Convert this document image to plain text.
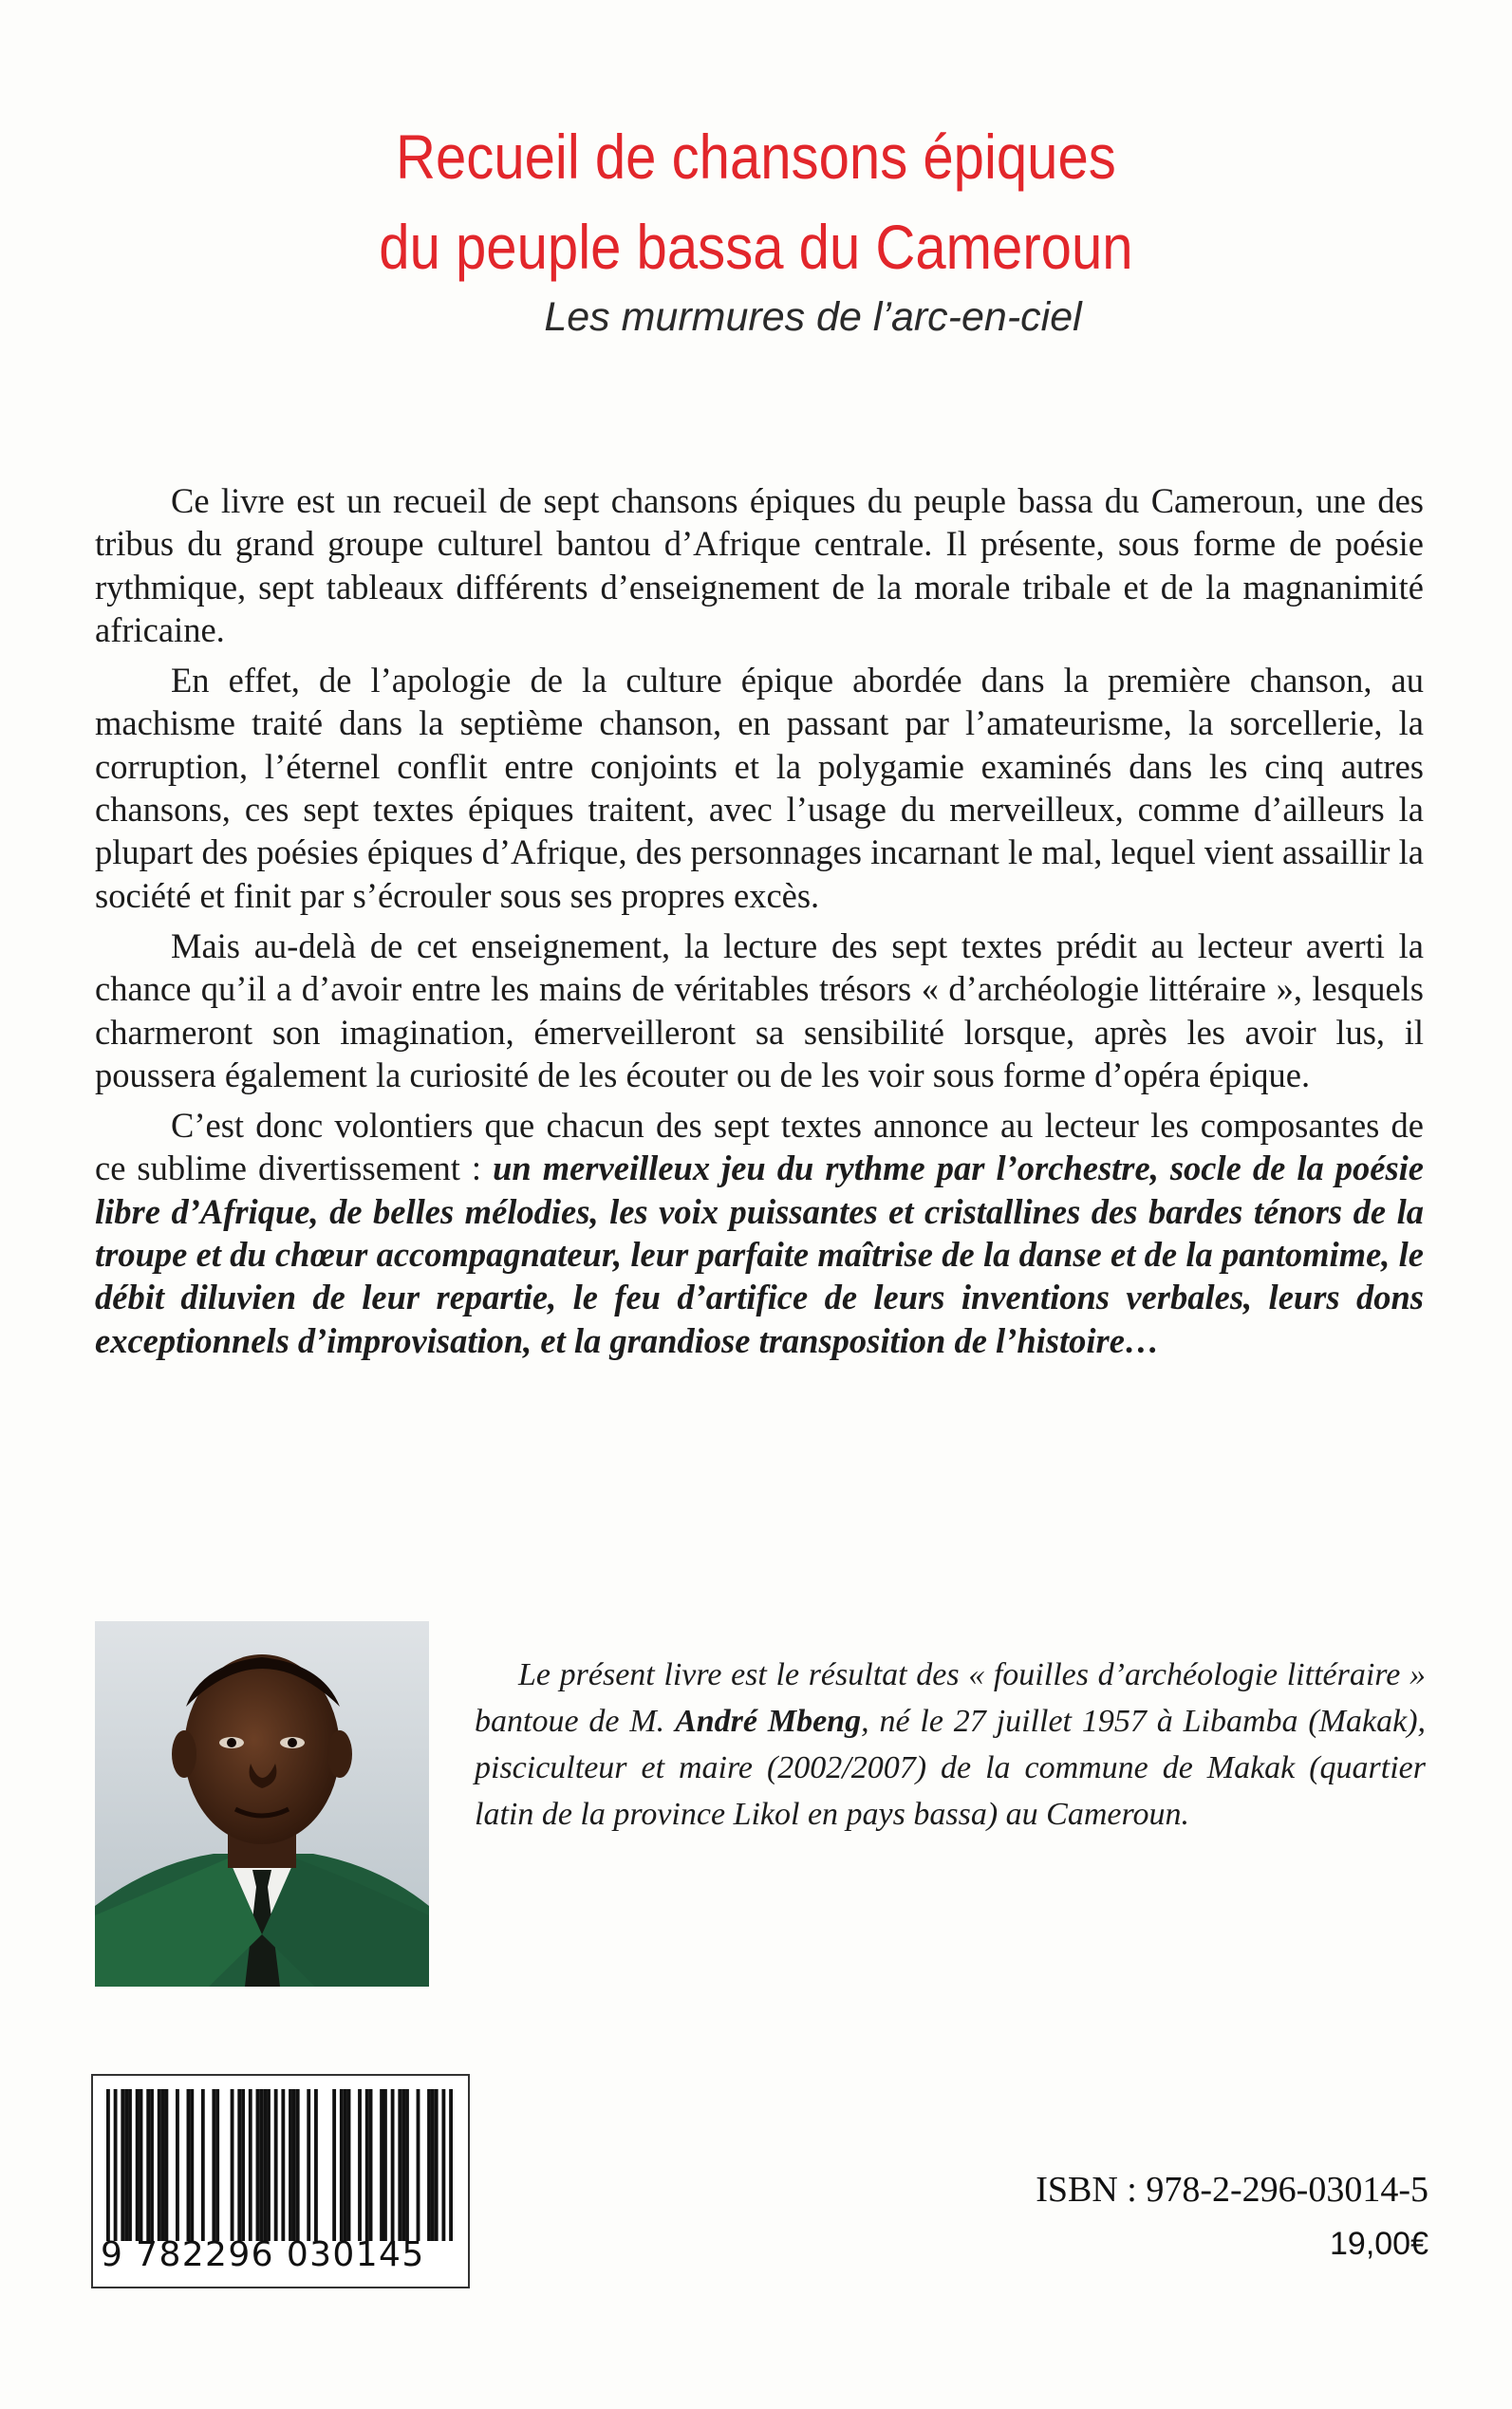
Recueil de chansons épiques
du peuple bassa du Cameroun
Les murmures de l’arc-en-ciel

Ce livre est un recueil de sept chansons épiques du peuple bassa du Cameroun, une des tribus du grand groupe culturel bantou d’Afrique centrale. Il présente, sous forme de poésie rythmique, sept tableaux différents d’enseignement de la morale tribale et de la magnanimité africaine.

En effet, de l’apologie de la culture épique abordée dans la première chanson, au machisme traité dans la septième chanson, en passant par l’amateurisme, la sorcellerie, la corruption, l’éternel conflit entre conjoints et la polygamie examinés dans les cinq autres chansons, ces sept textes épiques traitent, avec l’usage du merveilleux, comme d’ailleurs la plupart des poésies épiques d’Afrique, des personnages incarnant le mal, lequel vient assaillir la société et finit par s’écrouler sous ses propres excès.

Mais au-delà de cet enseignement, la lecture des sept textes prédit au lecteur averti la chance qu’il a d’avoir entre les mains de véritables trésors « d’archéologie littéraire », lesquels charmeront son imagination, émerveilleront sa sensibilité lorsque, après les avoir lus, il poussera également la curiosité de les écouter ou de les voir sous forme d’opéra épique.

C’est donc volontiers que chacun des sept textes annonce au lecteur les composantes de ce sublime divertissement : un merveilleux jeu du rythme par l’orchestre, socle de la poésie libre d’Afrique, de belles mélodies, les voix puissantes et cristallines des bardes ténors de la troupe et du chœur accompagnateur, leur parfaite maîtrise de la danse et de la pantomime, le débit diluvien de leur repartie, le feu d’artifice de leurs inventions verbales, leurs dons exceptionnels d’improvisation, et la grandiose transposition de l’histoire…

Le présent livre est le résultat des « fouilles d’archéologie littéraire » bantoue de M. André Mbeng, né le 27 juillet 1957 à Libamba (Makak), pisciculteur et maire (2002/2007) de la commune de Makak (quartier latin de la province Likol en pays bassa) au Cameroun.
9 782296 030145
ISBN : 978-2-296-03014-5
19,00€
